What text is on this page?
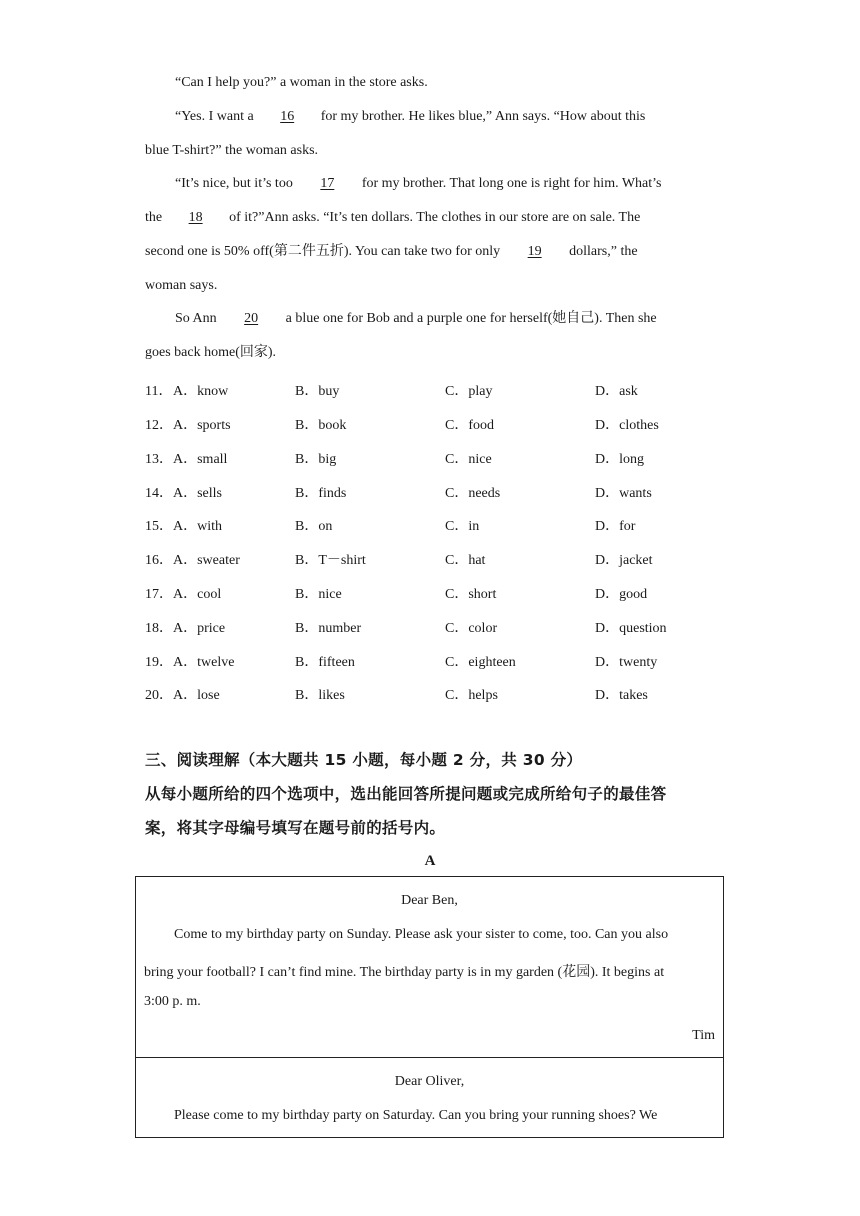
“Can I help you?” a woman in the store asks.
“Yes. I want a 16 for my brother. He likes blue,” Ann says. “How about this
blue T-shirt?” the woman asks.
“It’s nice, but it’s too 17 for my brother. That long one is right for him. What’s
the 18 of it?”Ann asks. “It’s ten dollars. The clothes in our store are on sale. The
second one is 50% off(第二件五折). You can take two for only 19 dollars,” the
woman says.
So Ann 20 a blue one for Bob and a purple one for herself(她自己). Then she
goes back home(回家).
11． A．know	B．buy	C．play	D．ask
12． A．sports	B．book	C．food	D．clothes
13． A．small	B．big	C．nice	D．long
14． A．sells	B．finds	C．needs	D．wants
15． A．with	B．on	C．in	D．for
16． A．sweater	B．T－shirt	C．hat	D．jacket
17． A．cool	B．nice	C．short	D．good
18． A．price	B．number	C．color	D．question
19． A．twelve	B．fifteen	C．eighteen	D．twenty
20． A．lose	B．likes	C．helps	D．takes
三、阅读理解（本大题共 15 小题，每小题 2 分，共 30 分）
从每小题所给的四个选项中，选出能回答所提问题或完成所给句子的最佳答
案，将其字母编号填写在题号前的括号内。
A
Dear Ben,
Come to my birthday party on Sunday. Please ask your sister to come, too. Can you also
bring your football? I can’t find mine. The birthday party is in my garden (花园). It begins at
3:00 p. m.
Tim
Dear Oliver,
Please come to my birthday party on Saturday. Can you bring your running shoes? We
